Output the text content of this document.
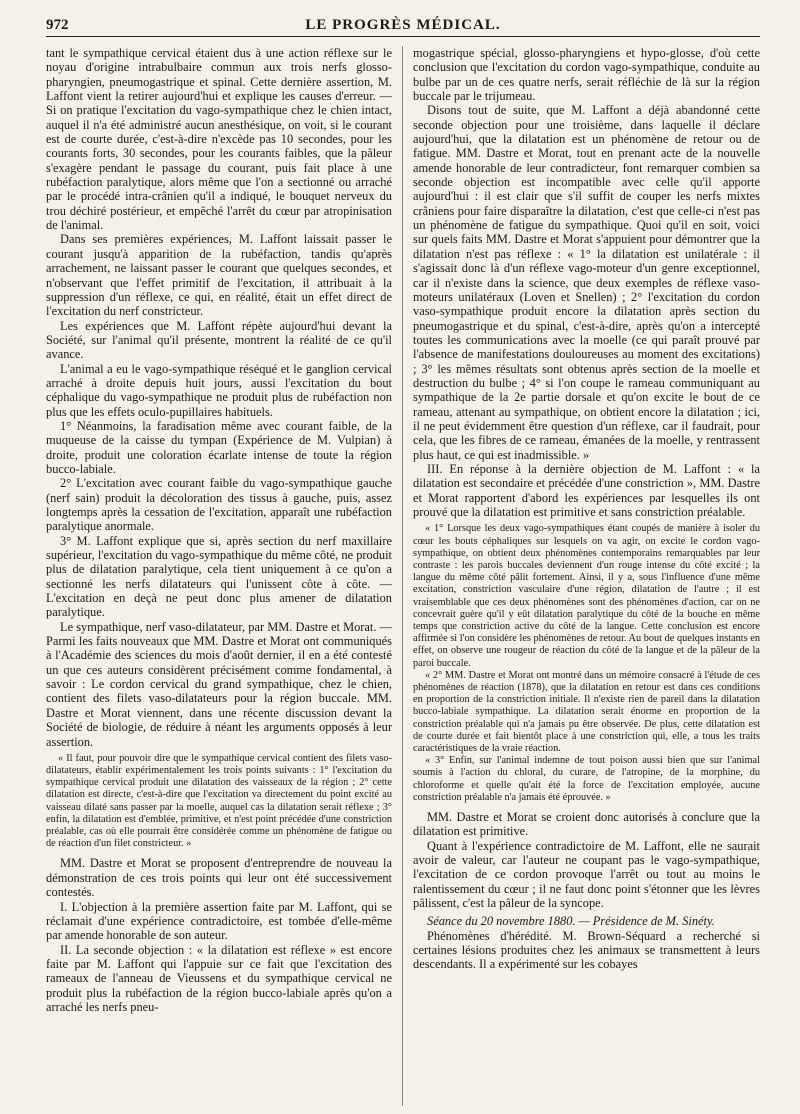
972	LE PROGRÈS MÉDICAL.

tant le sympathique cervical étaient dus à une action réflexe sur le noyau d'origine intrabulbaire commun aux trois nerfs glosso-pharyngien, pneumogastrique et spinal. Cette dernière assertion, M. Laffont vient la retirer aujourd'hui et explique les causes d'erreur. — Si on pratique l'excitation du vago-sympathique chez le chien intact, auquel il n'a été administré aucun anesthésique, on voit, si le courant est de courte durée, c'est-à-dire n'excède pas 10 secondes, pour les courants forts, 30 secondes, pour les courants faibles, que la pâleur s'exagère pendant le passage du courant, puis fait place à une rubéfaction paralytique, alors même que l'on a sectionné ou arraché par le procédé intra-crânien qu'il a indiqué, le bouquet nerveux du trou déchiré postérieur, et empêché l'arrêt du cœur par atropinisation de l'animal.

Dans ses premières expériences, M. Laffont laissait passer le courant jusqu'à apparition de la rubéfaction, tandis qu'après arrachement, ne laissant passer le courant que quelques secondes, et n'observant que l'effet primitif de l'excitation, il attribuait à la suppression d'un réflexe, ce qui, en réalité, était un effet direct de l'excitation du nerf constricteur.

Les expériences que M. Laffont répète aujourd'hui devant la Société, sur l'animal qu'il présente, montrent la réalité de ce qu'il avance.

L'animal a eu le vago-sympathique réséqué et le ganglion cervical arraché à droite depuis huit jours, aussi l'excitation du bout céphalique du vago-sympathique ne produit plus de rubéfaction non plus que les effets oculo-pupillaires habituels.

1° Néanmoins, la faradisation même avec courant faible, de la muqueuse de la caisse du tympan (Expérience de M. Vulpian) à droite, produit une coloration écarlate intense de toute la région bucco-labiale.

2° L'excitation avec courant faible du vago-sympathique gauche (nerf sain) produit la décoloration des tissus à gauche, puis, assez longtemps après la cessation de l'excitation, apparaît une rubéfaction paralytique anormale.

3° M. Laffont explique que si, après section du nerf maxillaire supérieur, l'excitation du vago-sympathique du même côté, ne produit plus de dilatation paralytique, cela tient uniquement à ce qu'on a sectionné les nerfs dilatateurs qui l'unissent côte à côte. — L'excitation en deçà ne peut donc plus amener de dilatation paralytique.

Le sympathique, nerf vaso-dilatateur, par MM. Dastre et Morat. — Parmi les faits nouveaux que MM. Dastre et Morat ont communiqués à l'Académie des sciences du mois d'août dernier, il en a été contesté un que ces auteurs considèrent précisément comme fondamental, à savoir : Le cordon cervical du grand sympathique, chez le chien, contient des filets vaso-dilatateurs pour la région buccale. MM. Dastre et Morat viennent, dans une récente discussion devant la Société de biologie, de réduire à néant les arguments opposés à leur assertion.

« Il faut, pour pouvoir dire que le sympathique cervical contient des filets vaso-dilatateurs, établir expérimentalement les trois points suivants : 1° l'excitation du sympathique cervical produit une dilatation des vaisseaux de la région ; 2° cette dilatation est directe, c'est-à-dire que l'excitation va directement du point excité au vaisseau dilaté sans passer par la moelle, auquel cas la dilatation serait réflexe ; 3° enfin, la dilatation est d'emblée, primitive, et n'est point précédée d'une constriction préalable, cas où elle pourrait être considérée comme un phénomène de fatigue ou de réaction d'un filet constricteur. »

MM. Dastre et Morat se proposent d'entreprendre de nouveau la démonstration de ces trois points qui leur ont été successivement contestés.

I. L'objection à la première assertion faite par M. Laffont, qui se réclamait d'une expérience contradictoire, est tombée d'elle-même par amende honorable de son auteur.

II. La seconde objection : « la dilatation est réflexe » est encore faite par M. Laffont qui l'appuie sur ce fait que l'excitation des rameaux de l'anneau de Vieussens et du sympathique cervical ne produit plus la rubéfaction de la région bucco-labiale après qu'on a arraché les nerfs pneu-

mogastrique spécial, glosso-pharyngiens et hypo-glosse, d'où cette conclusion que l'excitation du cordon vago-sympathique, conduite au bulbe par un de ces quatre nerfs, serait réfléchie de là sur la région buccale par le trijumeau.

Disons tout de suite, que M. Laffont a déjà abandonné cette seconde objection pour une troisième, dans laquelle il déclare aujourd'hui, que la dilatation est un phénomène de retour ou de fatigue. MM. Dastre et Morat, tout en prenant acte de la nouvelle amende honorable de leur contradicteur, font remarquer combien sa seconde objection est incompatible avec celle qu'il apporte aujourd'hui : il est clair que s'il suffit de couper les nerfs mixtes crâniens pour faire disparaître la dilatation, c'est que celle-ci n'est pas un phénomène de fatigue du sympathique. Quoi qu'il en soit, voici sur quels faits MM. Dastre et Morat s'appuient pour démontrer que la dilatation n'est pas réflexe : « 1° la dilatation est unilatérale : il s'agissait donc là d'un réflexe vago-moteur d'un genre exceptionnel, car il n'existe dans la science, que deux exemples de réflexe vaso-moteurs unilatéraux (Loven et Snellen) ; 2° l'excitation du cordon vaso-sympathique produit encore la dilatation après section du pneumogastrique et du spinal, c'est-à-dire, après qu'on a intercepté toutes les communications avec la moelle (ce qui paraît prouvé par l'absence de manifestations douloureuses au moment des excitations) ; 3° les mêmes résultats sont obtenus après section de la moelle et destruction du bulbe ; 4° si l'on coupe le rameau communiquant au sympathique de la 2e partie dorsale et qu'on excite le bout de ce rameau, attenant au sympathique, on obtient encore la dilatation ; ici, il ne peut évidemment être question d'un réflexe, car il faudrait, pour cela, que les fibres de ce rameau, émanées de la moelle, y rentrassent plus haut, ce qui est inadmissible. »

III. En réponse à la dernière objection de M. Laffont : « la dilatation est secondaire et précédée d'une constriction », MM. Dastre et Morat rapportent d'abord les expériences par lesquelles ils ont prouvé que la dilatation est primitive et sans constriction préalable.

« 1° Lorsque les deux vago-sympathiques étant coupés de manière à isoler du cœur les bouts céphaliques sur lesquels on va agir, on excite le cordon vago-sympathique, on obtient deux phénomènes contemporains remarquables par leur contraste : les parois buccales deviennent d'un rouge intense du côté excité ; la langue du même côté pâlit fortement. Ainsi, il y a, sous l'influence d'une même excitation, constriction vasculaire d'une région, dilatation de l'autre ; il est vraisemblable que ces deux phénomènes sont des phénomènes d'action, car on ne concevrait guère qu'il y eût dilatation paralytique du côté de la bouche en même temps que constriction active du côté de la langue. Cette conclusion est encore affirmée si l'on considère les phénomènes de retour. Au bout de quelques instants en effet, on observe une rougeur de réaction du côté de la langue et de la pâleur de la paroi buccale.

« 2° MM. Dastre et Morat ont montré dans un mémoire consacré à l'étude de ces phénomènes de réaction (1878), que la dilatation en retour est dans ces conditions en proportion de la constriction initiale. Il n'existe rien de pareil dans la dilatation bucco-labiale sympathique. La dilatation serait énorme en proportion de la constriction préalable qui n'a jamais pu être observée. De plus, cette dilatation est de courte durée et fait bientôt place à une constriction qui, elle, a tous les traits caractéristiques de la vraie réaction.

« 3° Enfin, sur l'animal indemne de tout poison aussi bien que sur l'animal soumis à l'action du chloral, du curare, de l'atropine, de la morphine, du chloroforme et quelle qu'ait été la force de l'excitation employée, aucune constriction préalable n'a jamais été éprouvée. »

MM. Dastre et Morat se croient donc autorisés à conclure que la dilatation est primitive.

Quant à l'expérience contradictoire de M. Laffont, elle ne saurait avoir de valeur, car l'auteur ne coupant pas le vago-sympathique, l'excitation de ce cordon provoque l'arrêt ou tout au moins le ralentissement du cœur ; il ne faut donc point s'étonner que les lèvres pâlissent, c'est la pâleur de la syncope.

Séance du 20 novembre 1880. — Présidence de M. Sinéty.

Phénomènes d'hérédité. M. Brown-Séquard a recherché si certaines lésions produites chez les animaux se transmettent à leurs descendants. Il a expérimenté sur les cobayes
